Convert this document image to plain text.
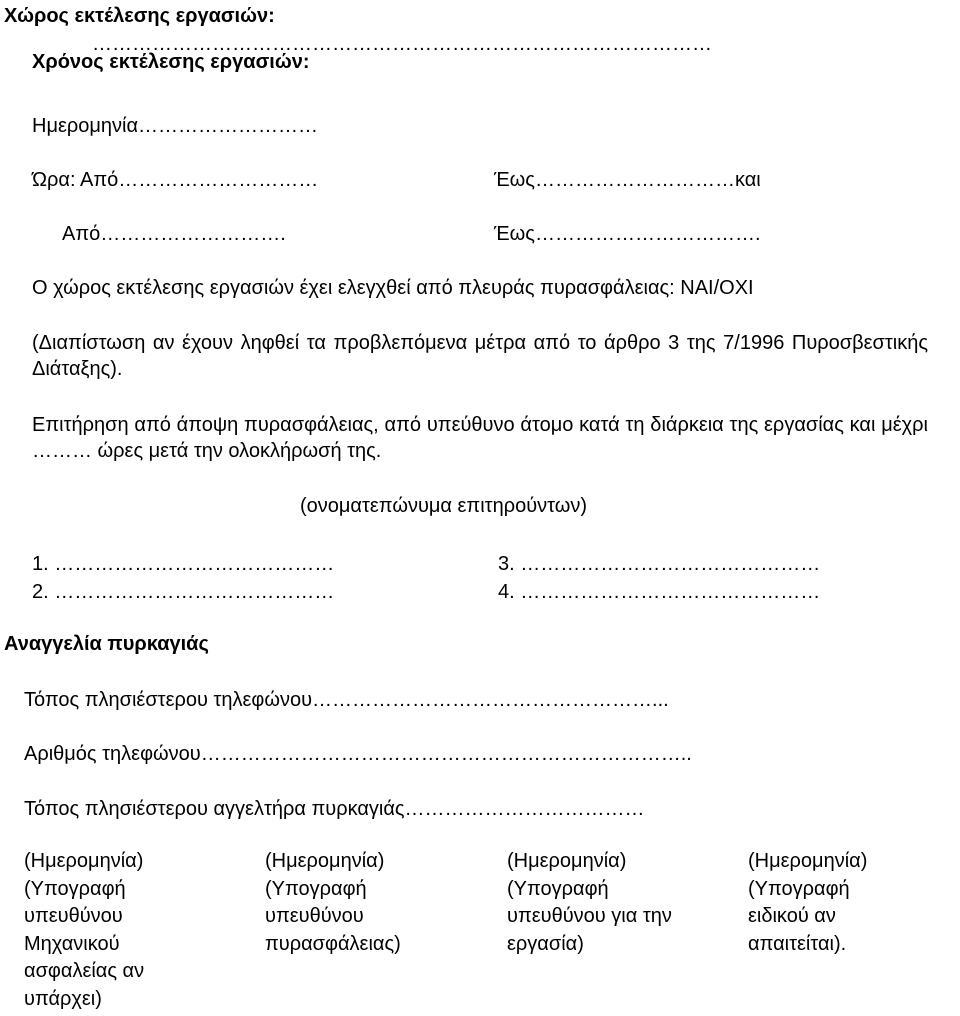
Χώρος εκτέλεσης εργασιών:
…………………………………………………………………………………
Χρόνος εκτέλεσης εργασιών:
Ημερομηνία………………………
Ώρα: Από…………………………	Έως…………………………και
Από……………………….	Έως…………………………….
Ο χώρος εκτέλεσης εργασιών έχει ελεγχθεί από πλευράς πυρασφάλειας: ΝΑΙ/ΟΧΙ
(Διαπίστωση αν έχουν ληφθεί τα προβλεπόμενα μέτρα από το άρθρο 3 της 7/1996 Πυροσβεστικής Διάταξης).
Επιτήρηση από άποψη πυρασφάλειας, από υπεύθυνο άτομο κατά τη διάρκεια της εργασίας και μέχρι ……… ώρες μετά την ολοκλήρωσή της.
(ονοματεπώνυμα επιτηρούντων)
1. ……………………………………
2. ……………………………………
3. ………………………………………
4. ………………………………………
Αναγγελία πυρκαγιάς
Τόπος πλησιέστερου τηλεφώνου……………………………………………...
Αριθμός τηλεφώνου………………………………………………………………..
Τόπος πλησιέστερου αγγελτήρα πυρκαγιάς………………………………
(Ημερομηνία)
(Υπογραφή
υπευθύνου
Μηχανικού
ασφαλείας αν
υπάρχει)
(Ημερομηνία)
(Υπογραφή
υπευθύνου
πυρασφάλειας)
(Ημερομηνία)
(Υπογραφή
υπευθύνου για την
εργασία)
(Ημερομηνία)
(Υπογραφή
ειδικού αν
απαιτείται).
